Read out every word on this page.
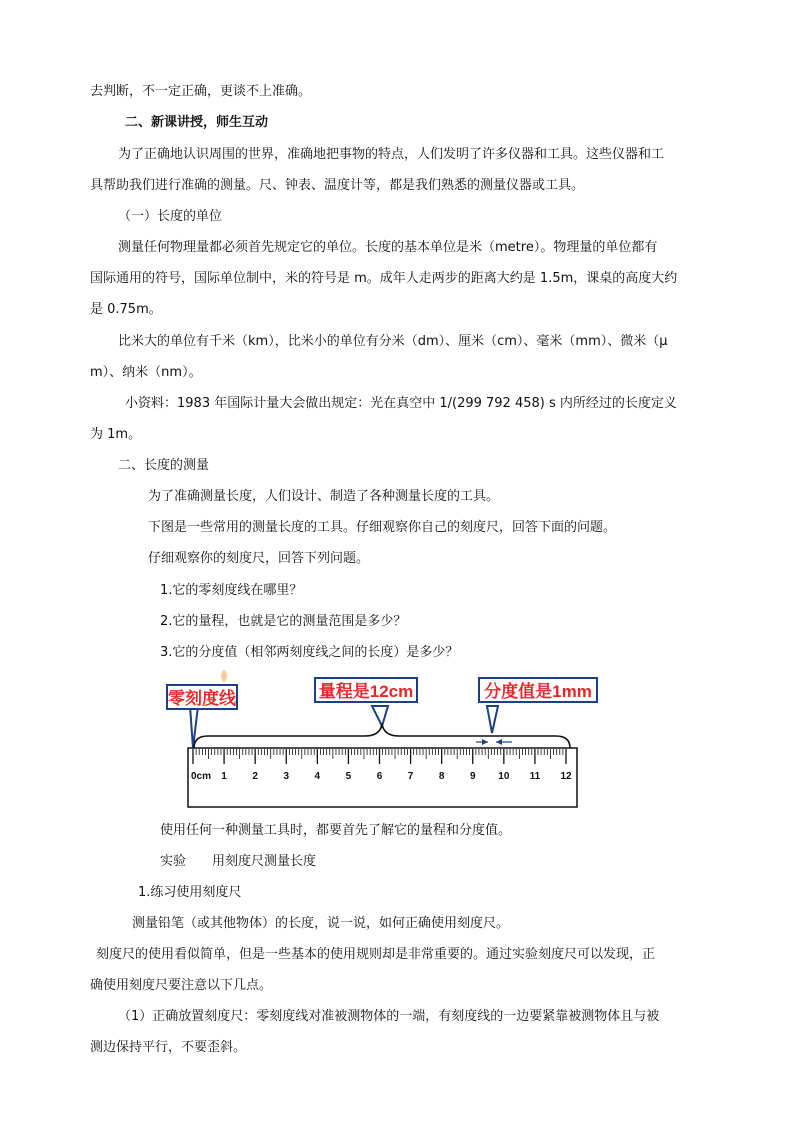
去判断，不一定正确，更谈不上准确。
二、新课讲授，师生互动
为了正确地认识周围的世界，准确地把事物的特点，人们发明了许多仪器和工具。这些仪器和工
具帮助我们进行准确的测量。尺、钟表、温度计等，都是我们熟悉的测量仪器或工具。
（一）长度的单位
测量任何物理量都必须首先规定它的单位。长度的基本单位是米（metre）。物理量的单位都有
国际通用的符号，国际单位制中，米的符号是 m。成年人走两步的距离大约是 1.5m，课桌的高度大约
是 0.75m。
比米大的单位有千米（km），比米小的单位有分米（dm）、厘米（cm）、毫米（mm）、微米（μ
m）、纳米（nm）。
小资料：1983 年国际计量大会做出规定：光在真空中 1/(299 792 458) s 内所经过的长度定义
为 1m。
二、长度的测量
为了准确测量长度，人们设计、制造了各种测量长度的工具。
下图是一些常用的测量长度的工具。仔细观察你自己的刻度尺，回答下面的问题。
仔细观察你的刻度尺，回答下列问题。
1.它的零刻度线在哪里？
2.它的量程，也就是它的测量范围是多少？
3.它的分度值（相邻两刻度线之间的长度）是多少？
0cm 1	2	3	4	5	6	7	8	9 10 11 12
零刻度线	量程是12cm	分度值是1mm
使用任何一种测量工具时，都要首先了解它的量程和分度值。
实验　　用刻度尺测量长度
1.练习使用刻度尺
测量铅笔（或其他物体）的长度，说一说，如何正确使用刻度尺。
刻度尺的使用看似简单，但是一些基本的使用规则却是非常重要的。通过实验刻度尺可以发现，正
确使用刻度尺要注意以下几点。
（1）正确放置刻度尺：零刻度线对准被测物体的一端，有刻度线的一边要紧靠被测物体且与被
测边保持平行，不要歪斜。
